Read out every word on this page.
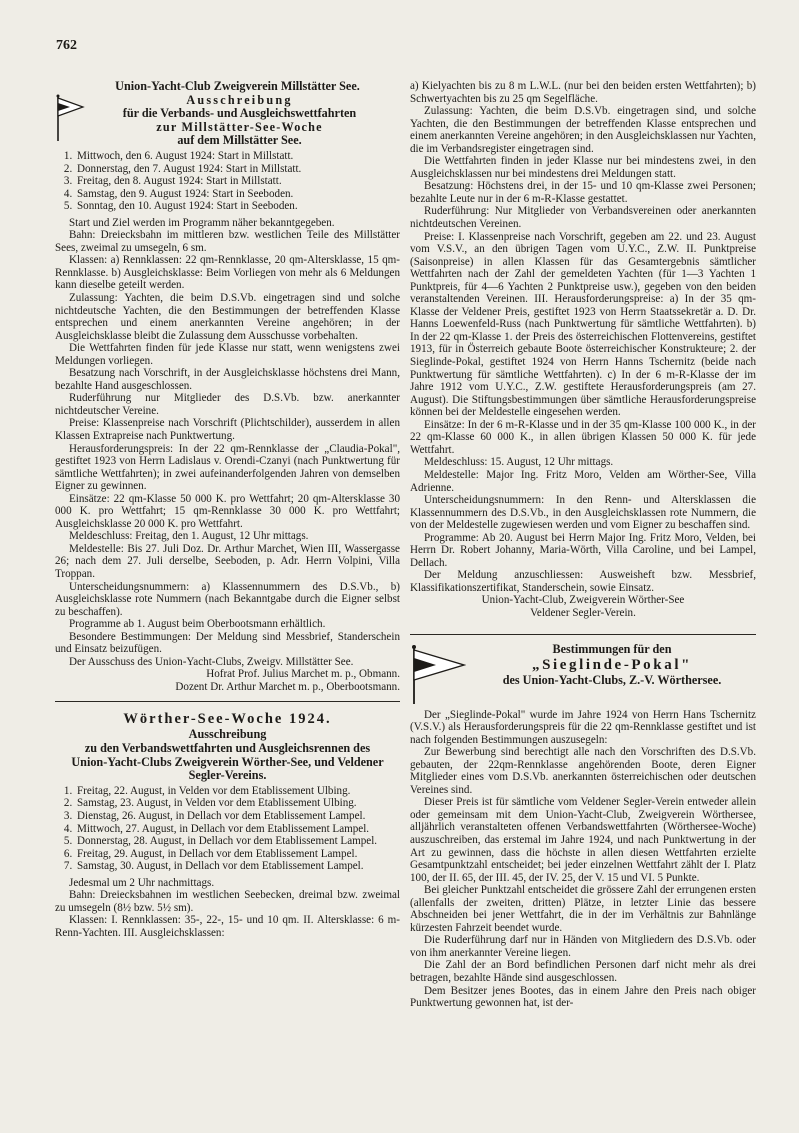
762
Union-Yacht-Club Zweigverein Millstätter See.
Ausschreibung
für die Verbands- und Ausgleichswettfahrten
zur Millstätter-See-Woche
auf dem Millstätter See.
1. Mittwoch, den 6. August 1924: Start in Millstatt.
2. Donnerstag, den 7. August 1924: Start in Millstatt.
3. Freitag, den 8. August 1924: Start in Millstatt.
4. Samstag, den 9. August 1924: Start in Seeboden.
5. Sonntag, den 10. August 1924: Start in Seeboden.

Start und Ziel werden im Programm näher bekanntgegeben.

Bahn: Dreiecksbahn im mittleren bzw. westlichen Teile des Millstätter Sees, zweimal zu umsegeln, 6 sm.

Klassen: a) Rennklassen: 22 qm-Rennklasse, 20 qm-Altersklasse, 15 qm-Rennklasse. b) Ausgleichsklasse: Beim Vorliegen von mehr als 6 Meldungen kann dieselbe geteilt werden.

Zulassung: Yachten, die beim D.S.Vb. eingetragen sind und solche nichtdeutsche Yachten, die den Bestimmungen der betreffenden Klasse entsprechen und einem anerkannten Vereine angehören; in der Ausgleichsklasse bleibt die Zulassung dem Ausschusse vorbehalten.

Die Wettfahrten finden für jede Klasse nur statt, wenn wenigstens zwei Meldungen vorliegen.

Besatzung nach Vorschrift, in der Ausgleichsklasse höchstens drei Mann, bezahlte Hand ausgeschlossen.

Ruderführung nur Mitglieder des D.S.Vb. bzw. anerkannter nichtdeutscher Vereine.

Preise: Klassenpreise nach Vorschrift (Plichtschilder), ausserdem in allen Klassen Extrapreise nach Punktwertung.

Herausforderungspreis: In der 22 qm-Rennklasse der „Claudia-Pokal", gestiftet 1923 von Herrn Ladislaus v. Orendi-Czanyi (nach Punktwertung für sämtliche Wettfahrten); in zwei aufeinanderfolgenden Jahren von demselben Eigner zu gewinnen.

Einsätze: 22 qm-Klasse 50 000 K. pro Wettfahrt; 20 qm-Altersklasse 30 000 K. pro Wettfahrt; 15 qm-Rennklasse 30 000 K. pro Wettfahrt; Ausgleichsklasse 20 000 K. pro Wettfahrt.

Meldeschluss: Freitag, den 1. August, 12 Uhr mittags.

Meldestelle: Bis 27. Juli Doz. Dr. Arthur Marchet, Wien III, Wassergasse 26; nach dem 27. Juli derselbe, Seeboden, p. Adr. Herrn Volpini, Villa Troppan.

Unterscheidungsnummern: a) Klassennummern des D.S.Vb., b) Ausgleichsklasse rote Nummern (nach Bekanntgabe durch die Eigner selbst zu beschaffen).

Programme ab 1. August beim Oberbootsmann erhältlich.

Besondere Bestimmungen: Der Meldung sind Messbrief, Standerschein und Einsatz beizufügen.

Der Ausschuss des Union-Yacht-Clubs, Zweigv. Millstätter See.

Hofrat Prof. Julius Marchet m. p., Obmann.

Dozent Dr. Arthur Marchet m. p., Oberbootsmann.

Wörther-See-Woche 1924.
Ausschreibung
zu den Verbandswettfahrten und Ausgleichsrennen des
Union-Yacht-Clubs Zweigverein Wörther-See, und Veldener
Segler-Vereins.
1. Freitag, 22. August, in Velden vor dem Etablissement Ulbing.
2. Samstag, 23. August, in Velden vor dem Etablissement Ulbing.
3. Dienstag, 26. August, in Dellach vor dem Etablissement Lampel.
4. Mittwoch, 27. August, in Dellach vor dem Etablissement Lampel.
5. Donnerstag, 28. August, in Dellach vor dem Etablissement Lampel.
6. Freitag, 29. August, in Dellach vor dem Etablissement Lampel.
7. Samstag, 30. August, in Dellach vor dem Etablissement Lampel.

Jedesmal um 2 Uhr nachmittags.

Bahn: Dreiecksbahnen im westlichen Seebecken, dreimal bzw. zweimal zu umsegeln (8½ bzw. 5½ sm).

Klassen: I. Rennklassen: 35-, 22-, 15- und 10 qm. II. Altersklasse: 6 m-Renn-Yachten. III. Ausgleichsklassen:

a) Kielyachten bis zu 8 m L.W.L. (nur bei den beiden ersten Wettfahrten); b) Schwertyachten bis zu 25 qm Segelfläche.

Zulassung: Yachten, die beim D.S.Vb. eingetragen sind, und solche Yachten, die den Bestimmungen der betreffenden Klasse entsprechen und einem anerkannten Vereine angehören; in den Ausgleichsklassen nur Yachten, die im Verbandsregister eingetragen sind.

Die Wettfahrten finden in jeder Klasse nur bei mindestens zwei, in den Ausgleichsklassen nur bei mindestens drei Meldungen statt.

Besatzung: Höchstens drei, in der 15- und 10 qm-Klasse zwei Personen; bezahlte Leute nur in der 6 m-R-Klasse gestattet.

Ruderführung: Nur Mitglieder von Verbandsvereinen oder anerkannten nichtdeutschen Vereinen.

Preise: I. Klassenpreise nach Vorschrift, gegeben am 22. und 23. August vom V.S.V., an den übrigen Tagen vom U.Y.C., Z.W. II. Punktpreise (Saisonpreise) in allen Klassen für das Gesamtergebnis sämtlicher Wettfahrten nach der Zahl der gemeldeten Yachten (für 1—3 Yachten 1 Punktpreis, für 4—6 Yachten 2 Punktpreise usw.), gegeben von den beiden veranstaltenden Vereinen. III. Herausforderungspreise: a) In der 35 qm-Klasse der Veldener Preis, gestiftet 1923 von Herrn Staatssekretär a. D. Dr. Hanns Loewenfeld-Russ (nach Punktwertung für sämtliche Wettfahrten). b) In der 22 qm-Klasse 1. der Preis des österreichischen Flottenvereins, gestiftet 1913, für in Österreich gebaute Boote österreichischer Konstrukteure; 2. der Sieglinde-Pokal, gestiftet 1924 von Herrn Hanns Tschernitz (beide nach Punktwertung für sämtliche Wettfahrten). c) In der 6 m-R-Klasse der im Jahre 1912 vom U.Y.C., Z.W. gestiftete Herausforderungspreis (am 27. August). Die Stiftungsbestimmungen über sämtliche Herausforderungspreise können bei der Meldestelle eingesehen werden.

Einsätze: In der 6 m-R-Klasse und in der 35 qm-Klasse 100 000 K., in der 22 qm-Klasse 60 000 K., in allen übrigen Klassen 50 000 K. für jede Wettfahrt.

Meldeschluss: 15. August, 12 Uhr mittags.

Meldestelle: Major Ing. Fritz Moro, Velden am Wörther-See, Villa Adrienne.

Unterscheidungsnummern: In den Renn- und Altersklassen die Klassennummern des D.S.Vb., in den Ausgleichsklassen rote Nummern, die von der Meldestelle zugewiesen werden und vom Eigner zu beschaffen sind.

Programme: Ab 20. August bei Herrn Major Ing. Fritz Moro, Velden, bei Herrn Dr. Robert Johanny, Maria-Wörth, Villa Caroline, und bei Lampel, Dellach.

Der Meldung anzuschliessen: Ausweisheft bzw. Messbrief, Klassifikationszertifikat, Standerschein, sowie Einsatz.

Union-Yacht-Club, Zweigverein Wörther-See

Veldener Segler-Verein.

Bestimmungen für den
„Sieglinde-Pokal"
des Union-Yacht-Clubs, Z.-V. Wörthersee.

Der „Sieglinde-Pokal" wurde im Jahre 1924 von Herrn Hans Tschernitz (V.S.V.) als Herausforderungspreis für die 22 qm-Rennklasse gestiftet und ist nach folgenden Bestimmungen auszusegeln:

Zur Bewerbung sind berechtigt alle nach den Vorschriften des D.S.Vb. gebauten, der 22qm-Rennklasse angehörenden Boote, deren Eigner Mitglieder eines vom D.S.Vb. anerkannten österreichischen oder deutschen Vereines sind.

Dieser Preis ist für sämtliche vom Veldener Segler-Verein entweder allein oder gemeinsam mit dem Union-Yacht-Club, Zweigverein Wörthersee, alljährlich veranstalteten offenen Verbandswettfahrten (Wörthersee-Woche) auszuschreiben, das erstemal im Jahre 1924, und nach Punktwertung in der Art zu gewinnen, dass die höchste in allen diesen Wettfahrten erzielte Gesamtpunktzahl entscheidet; bei jeder einzelnen Wettfahrt zählt der I. Platz 100, der II. 65, der III. 45, der IV. 25, der V. 15 und VI. 5 Punkte.

Bei gleicher Punktzahl entscheidet die grössere Zahl der errungenen ersten (allenfalls der zweiten, dritten) Plätze, in letzter Linie das bessere Abschneiden bei jener Wettfahrt, die in der im Verhältnis zur Bahnlänge kürzesten Fahrzeit beendet wurde.

Die Ruderführung darf nur in Händen von Mitgliedern des D.S.Vb. oder von ihm anerkannter Vereine liegen.

Die Zahl der an Bord befindlichen Personen darf nicht mehr als drei betragen, bezahlte Hände sind ausgeschlossen.

Dem Besitzer jenes Bootes, das in einem Jahre den Preis nach obiger Punktwertung gewonnen hat, ist der-
